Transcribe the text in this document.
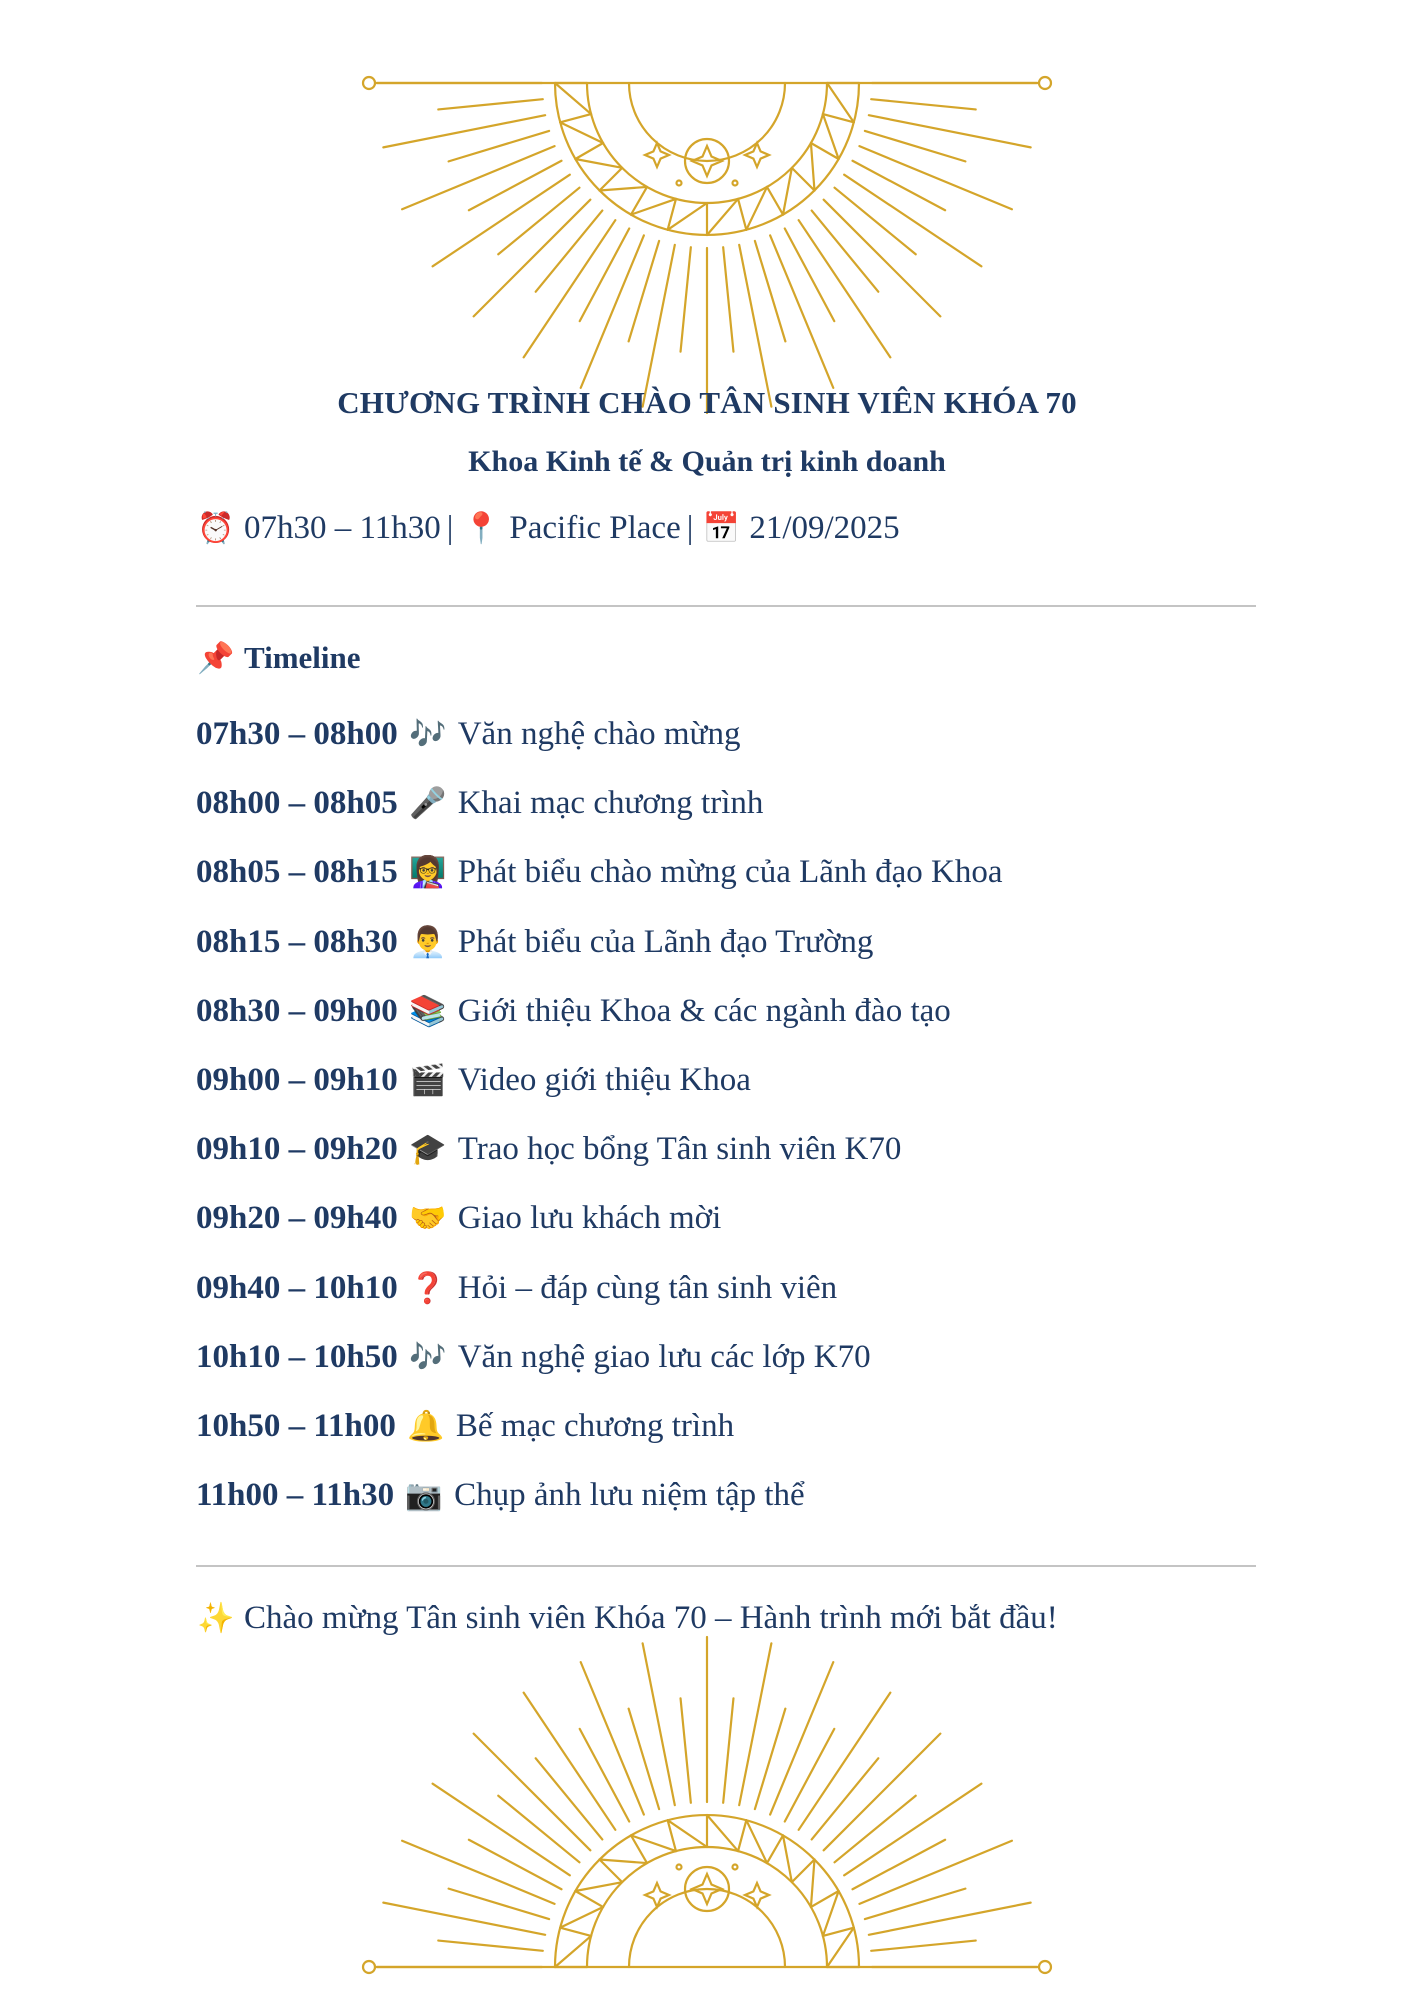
CHƯƠNG TRÌNH CHÀO TÂN SINH VIÊN KHÓA 70
Khoa Kinh tế & Quản trị kinh doanh
⏰ 07h30 – 11h30 | 📍 Pacific Place | 📅 21/09/2025
📌 Timeline
07h30 – 08h00 🎶 Văn nghệ chào mừng
08h00 – 08h05 🎤 Khai mạc chương trình
08h05 – 08h15 👩‍🏫 Phát biểu chào mừng của Lãnh đạo Khoa
08h15 – 08h30 👨‍💼 Phát biểu của Lãnh đạo Trường
08h30 – 09h00 📚 Giới thiệu Khoa & các ngành đào tạo
09h00 – 09h10 🎬 Video giới thiệu Khoa
09h10 – 09h20 🎓 Trao học bổng Tân sinh viên K70
09h20 – 09h40 🤝 Giao lưu khách mời
09h40 – 10h10 ❓ Hỏi – đáp cùng tân sinh viên
10h10 – 10h50 🎶 Văn nghệ giao lưu các lớp K70
10h50 – 11h00 🔔 Bế mạc chương trình
11h00 – 11h30 📷 Chụp ảnh lưu niệm tập thể
✨ Chào mừng Tân sinh viên Khóa 70 – Hành trình mới bắt đầu!
